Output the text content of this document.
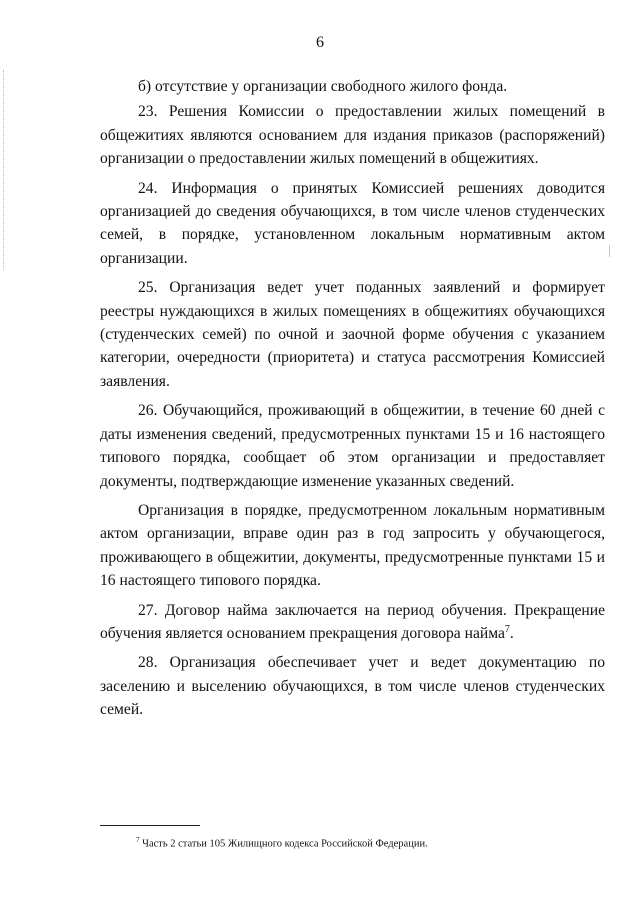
6

б) отсутствие у организации свободного жилого фонда.

23. Решения Комиссии о предоставлении жилых помещений в общежитиях являются основанием для издания приказов (распоряжений) организации о предоставлении жилых помещений в общежитиях.

24. Информация о принятых Комиссией решениях доводится организацией до сведения обучающихся, в том числе членов студенческих семей, в порядке, установленном локальным нормативным актом организации.

25. Организация ведет учет поданных заявлений и формирует реестры нуждающихся в жилых помещениях в общежитиях обучающихся (студенческих семей) по очной и заочной форме обучения с указанием категории, очередности (приоритета) и статуса рассмотрения Комиссией заявления.

26. Обучающийся, проживающий в общежитии, в течение 60 дней с даты изменения сведений, предусмотренных пунктами 15 и 16 настоящего типового порядка, сообщает об этом организации и предоставляет документы, подтверждающие изменение указанных сведений.

Организация в порядке, предусмотренном локальным нормативным актом организации, вправе один раз в год запросить у обучающегося, проживающего в общежитии, документы, предусмотренные пунктами 15 и 16 настоящего типового порядка.

27. Договор найма заключается на период обучения. Прекращение обучения является основанием прекращения договора найма$^7$.

28. Организация обеспечивает учет и ведет документацию по заселению и выселению обучающихся, в том числе членов студенческих семей.

$^7$ Часть 2 статьи 105 Жилищного кодекса Российской Федерации.
